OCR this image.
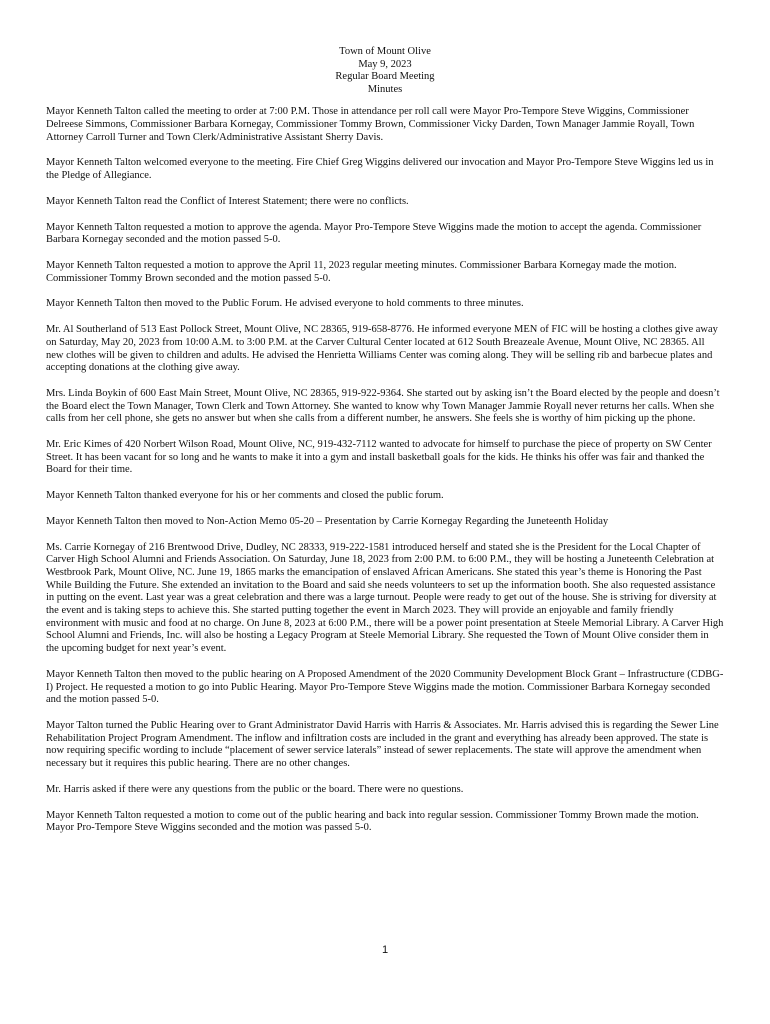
Town of Mount Olive
May 9, 2023
Regular Board Meeting
Minutes

Mayor Kenneth Talton called the meeting to order at 7:00 P.M. Those in attendance per roll call were Mayor Pro-Tempore Steve Wiggins, Commissioner Delreese Simmons, Commissioner Barbara Kornegay, Commissioner Tommy Brown, Commissioner Vicky Darden, Town Manager Jammie Royall, Town Attorney Carroll Turner and Town Clerk/Administrative Assistant Sherry Davis.

Mayor Kenneth Talton welcomed everyone to the meeting. Fire Chief Greg Wiggins delivered our invocation and Mayor Pro-Tempore Steve Wiggins led us in the Pledge of Allegiance.

Mayor Kenneth Talton read the Conflict of Interest Statement; there were no conflicts.

Mayor Kenneth Talton requested a motion to approve the agenda. Mayor Pro-Tempore Steve Wiggins made the motion to accept the agenda. Commissioner Barbara Kornegay seconded and the motion passed 5-0.

Mayor Kenneth Talton requested a motion to approve the April 11, 2023 regular meeting minutes. Commissioner Barbara Kornegay made the motion. Commissioner Tommy Brown seconded and the motion passed 5-0.

Mayor Kenneth Talton then moved to the Public Forum. He advised everyone to hold comments to three minutes.

Mr. Al Southerland of 513 East Pollock Street, Mount Olive, NC 28365, 919-658-8776. He informed everyone MEN of FIC will be hosting a clothes give away on Saturday, May 20, 2023 from 10:00 A.M. to 3:00 P.M. at the Carver Cultural Center located at 612 South Breazeale Avenue, Mount Olive, NC 28365. All new clothes will be given to children and adults. He advised the Henrietta Williams Center was coming along. They will be selling rib and barbecue plates and accepting donations at the clothing give away.

Mrs. Linda Boykin of 600 East Main Street, Mount Olive, NC 28365, 919-922-9364. She started out by asking isn’t the Board elected by the people and doesn’t the Board elect the Town Manager, Town Clerk and Town Attorney. She wanted to know why Town Manager Jammie Royall never returns her calls. When she calls from her cell phone, she gets no answer but when she calls from a different number, he answers. She feels she is worthy of him picking up the phone.

Mr. Eric Kimes of 420 Norbert Wilson Road, Mount Olive, NC, 919-432-7112 wanted to advocate for himself to purchase the piece of property on SW Center Street. It has been vacant for so long and he wants to make it into a gym and install basketball goals for the kids. He thinks his offer was fair and thanked the Board for their time.

Mayor Kenneth Talton thanked everyone for his or her comments and closed the public forum.

Mayor Kenneth Talton then moved to Non-Action Memo 05-20 – Presentation by Carrie Kornegay Regarding the Juneteenth Holiday

Ms. Carrie Kornegay of 216 Brentwood Drive, Dudley, NC 28333, 919-222-1581 introduced herself and stated she is the President for the Local Chapter of Carver High School Alumni and Friends Association. On Saturday, June 18, 2023 from 2:00 P.M. to 6:00 P.M., they will be hosting a Juneteenth Celebration at Westbrook Park, Mount Olive, NC. June 19, 1865 marks the emancipation of enslaved African Americans. She stated this year’s theme is Honoring the Past While Building the Future. She extended an invitation to the Board and said she needs volunteers to set up the information booth. She also requested assistance in putting on the event. Last year was a great celebration and there was a large turnout. People were ready to get out of the house. She is striving for diversity at the event and is taking steps to achieve this. She started putting together the event in March 2023. They will provide an enjoyable and family friendly environment with music and food at no charge. On June 8, 2023 at 6:00 P.M., there will be a power point presentation at Steele Memorial Library. A Carver High School Alumni and Friends, Inc. will also be hosting a Legacy Program at Steele Memorial Library. She requested the Town of Mount Olive consider them in the upcoming budget for next year’s event.

Mayor Kenneth Talton then moved to the public hearing on A Proposed Amendment of the 2020 Community Development Block Grant – Infrastructure (CDBG-I) Project. He requested a motion to go into Public Hearing. Mayor Pro-Tempore Steve Wiggins made the motion. Commissioner Barbara Kornegay seconded and the motion passed 5-0.

Mayor Talton turned the Public Hearing over to Grant Administrator David Harris with Harris & Associates. Mr. Harris advised this is regarding the Sewer Line Rehabilitation Project Program Amendment. The inflow and infiltration costs are included in the grant and everything has already been approved. The state is now requiring specific wording to include “placement of sewer service laterals” instead of sewer replacements. The state will approve the amendment when necessary but it requires this public hearing. There are no other changes.

Mr. Harris asked if there were any questions from the public or the board. There were no questions.

Mayor Kenneth Talton requested a motion to come out of the public hearing and back into regular session. Commissioner Tommy Brown made the motion. Mayor Pro-Tempore Steve Wiggins seconded and the motion was passed 5-0.

1
